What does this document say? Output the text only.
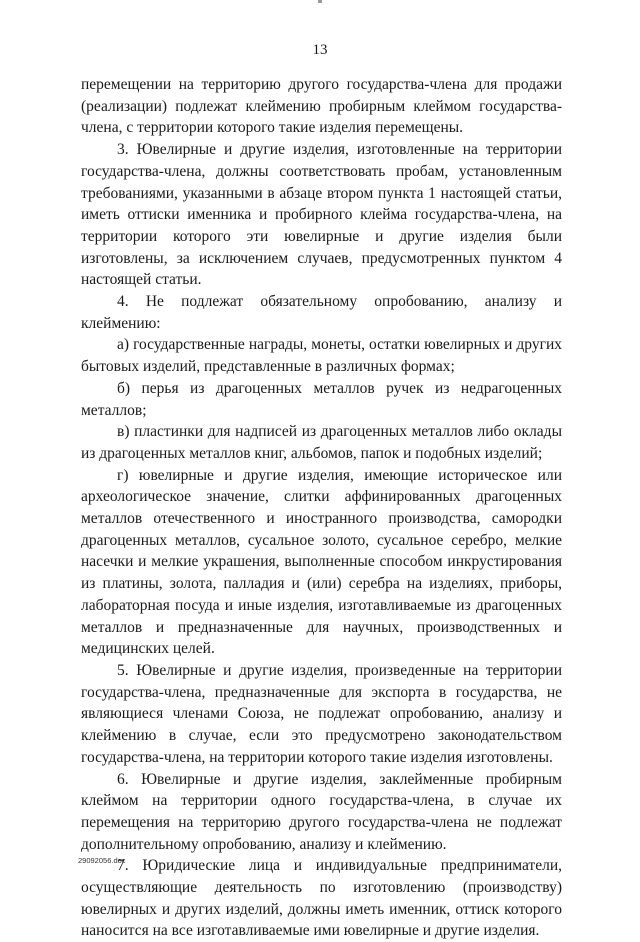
13

перемещении на территорию другого государства-члена для продажи (реализации) подлежат клеймению пробирным клеймом государства-члена, с территории которого такие изделия перемещены.

3. Ювелирные и другие изделия, изготовленные на территории государства-члена, должны соответствовать пробам, установленным требованиями, указанными в абзаце втором пункта 1 настоящей статьи, иметь оттиски именника и пробирного клейма государства-члена, на территории которого эти ювелирные и другие изделия были изготовлены, за исключением случаев, предусмотренных пунктом 4 настоящей статьи.

4. Не подлежат обязательному опробованию, анализу и клеймению:

а) государственные награды, монеты, остатки ювелирных и других бытовых изделий, представленные в различных формах;

б) перья из драгоценных металлов ручек из недрагоценных металлов;

в) пластинки для надписей из драгоценных металлов либо оклады из драгоценных металлов книг, альбомов, папок и подобных изделий;

г) ювелирные и другие изделия, имеющие историческое или археологическое значение, слитки аффинированных драгоценных металлов отечественного и иностранного производства, самородки драгоценных металлов, сусальное золото, сусальное серебро, мелкие насечки и мелкие украшения, выполненные способом инкрустирования из платины, золота, палладия и (или) серебра на изделиях, приборы, лабораторная посуда и иные изделия, изготавливаемые из драгоценных металлов и предназначенные для научных, производственных и медицинских целей.

5. Ювелирные и другие изделия, произведенные на территории государства-члена, предназначенные для экспорта в государства, не являющиеся членами Союза, не подлежат опробованию, анализу и клеймению в случае, если это предусмотрено законодательством государства-члена, на территории которого такие изделия изготовлены.

6. Ювелирные и другие изделия, заклейменные пробирным клеймом на территории одного государства-члена, в случае их перемещения на территорию другого государства-члена не подлежат дополнительному опробованию, анализу и клеймению.

7. Юридические лица и индивидуальные предприниматели, осуществляющие деятельность по изготовлению (производству) ювелирных и других изделий, должны иметь именник, оттиск которого наносится на все изготавливаемые ими ювелирные и другие изделия.

29092056.doc
